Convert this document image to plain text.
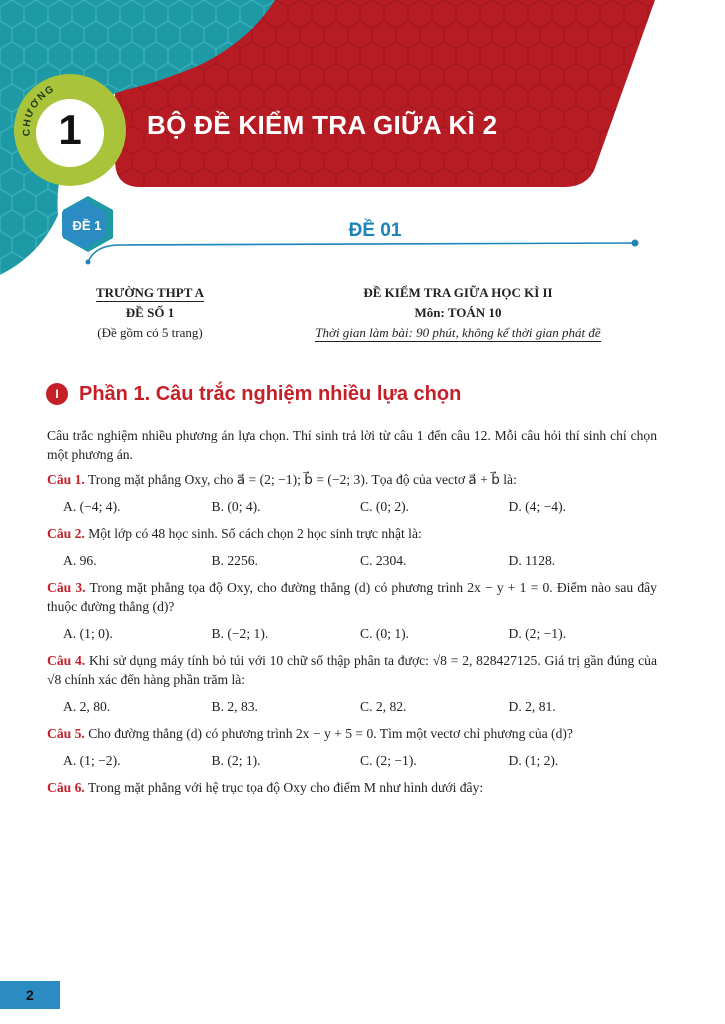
CHƯƠNG
1	BỘ ĐỀ KIỂM TRA GIỮA KÌ 2
ĐỀ 1	ĐỀ 01
TRƯỜNG THPT A
ĐỀ SỐ 1
(Đề gồm có 5 trang)
ĐỀ KIỂM TRA GIỮA HỌC KÌ II
Môn: TOÁN 10
Thời gian làm bài: 90 phút, không kể thời gian phát đề
I	Phần 1. Câu trắc nghiệm nhiều lựa chọn

Câu trắc nghiệm nhiều phương án lựa chọn. Thí sinh trả lời từ câu 1 đến câu 12. Mỗi câu hỏi thí sinh chỉ chọn một phương án.

Câu 1. Trong mặt phẳng Oxy, cho a⃗ = (2; −1); b⃗ = (−2; 3). Tọa độ của vectơ a⃗ + b⃗ là:

A. (−4; 4).	B. (0; 4).	C. (0; 2).	D. (4; −4).

Câu 2. Một lớp có 48 học sinh. Số cách chọn 2 học sinh trực nhật là:

A. 96.	B. 2256.	C. 2304.	D. 1128.

Câu 3. Trong mặt phẳng tọa độ Oxy, cho đường thẳng (d) có phương trình 2x − y + 1 = 0. Điểm nào sau đây thuộc đường thẳng (d)?

A. (1; 0).	B. (−2; 1).	C. (0; 1).	D. (2; −1).

Câu 4. Khi sử dụng máy tính bỏ túi với 10 chữ số thập phân ta được: √8 = 2, 828427125. Giá trị gần đúng của √8 chính xác đến hàng phần trăm là:

A. 2, 80.	B. 2, 83.	C. 2, 82.	D. 2, 81.

Câu 5. Cho đường thẳng (d) có phương trình 2x − y + 5 = 0. Tìm một vectơ chỉ phương của (d)?

A. (1; −2).	B. (2; 1).	C. (2; −1).	D. (1; 2).

Câu 6. Trong mặt phẳng với hệ trục tọa độ Oxy cho điểm M như hình dưới đây:

2
